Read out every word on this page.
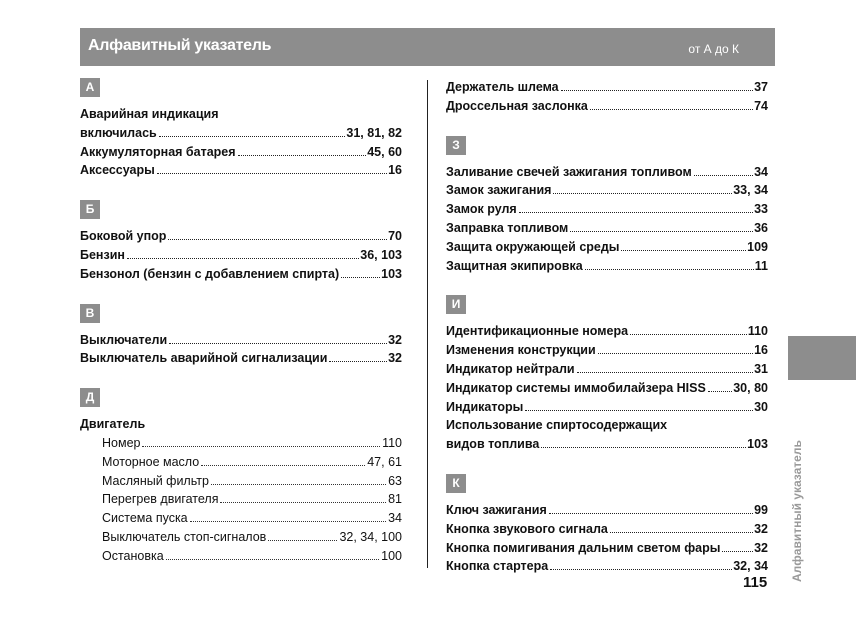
Алфавитный указатель	от А до К
А
Аварийная индикация
включилась	31, 81, 82
Аккумуляторная батарея	45, 60
Аксессуары	16
Б
Боковой упор	70
Бензин	36, 103
Бензонол (бензин с добавлением спирта)	103
В
Выключатели	32
Выключатель аварийной сигнализации	32
Д
Двигатель
Номер	110
Моторное масло	47, 61
Масляный фильтр	63
Перегрев двигателя	81
Система пуска	34
Выключатель стоп-сигналов	32, 34, 100
Остановка	100
Держатель шлема	37
Дроссельная заслонка	74
З
Заливание свечей зажигания топливом	34
Замок зажигания	33, 34
Замок руля	33
Заправка топливом	36
Защита окружающей среды	109
Защитная экипировка	11
И
Идентификационные номера	110
Изменения конструкции	16
Индикатор нейтрали	31
Индикатор системы иммобилайзера HISS 30, 80
Индикаторы	30
Использование спиртосодержащих
видов топлива	103
К
Ключ зажигания	99
Кнопка звукового сигнала	32
Кнопка помигивания дальним светом фары	32
Кнопка стартера	32, 34 Алфавитный указатель
115
